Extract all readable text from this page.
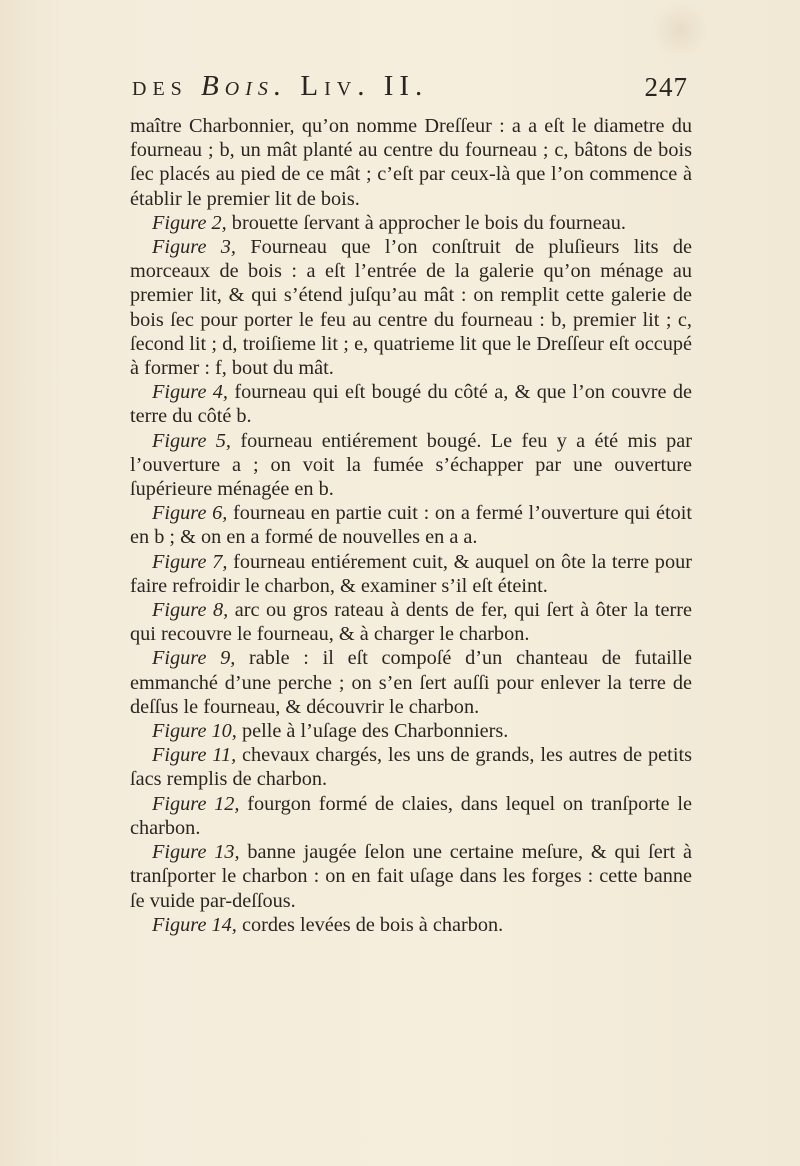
des Bois. Liv. II.	247

maître Charbonnier, qu’on nomme Dreſſeur : a a eſt le diametre du fourneau ; b, un mât planté au centre du fourneau ; c, bâtons de bois ſec placés au pied de ce mât ; c’eſt par ceux-là que l’on commence à établir le premier lit de bois.

Figure 2, brouette ſervant à approcher le bois du fourneau.

Figure 3, Fourneau que l’on conſtruit de pluſieurs lits de morceaux de bois : a eſt l’entrée de la galerie qu’on ménage au premier lit, & qui s’étend juſqu’au mât : on remplit cette galerie de bois ſec pour porter le feu au centre du fourneau : b, premier lit ; c, ſecond lit ; d, troiſieme lit ; e, quatrieme lit que le Dreſſeur eſt occupé à former : f, bout du mât.

Figure 4, fourneau qui eſt bougé du côté a, & que l’on couvre de terre du côté b.

Figure 5, fourneau entiérement bougé. Le feu y a été mis par l’ouverture a ; on voit la fumée s’échapper par une ouverture ſupérieure ménagée en b.

Figure 6, fourneau en partie cuit : on a fermé l’ouverture qui étoit en b ; & on en a formé de nouvelles en a a.

Figure 7, fourneau entiérement cuit, & auquel on ôte la terre pour faire refroidir le charbon, & examiner s’il eſt éteint.

Figure 8, arc ou gros rateau à dents de fer, qui ſert à ôter la terre qui recouvre le fourneau, & à charger le charbon.

Figure 9, rable : il eſt compoſé d’un chanteau de futaille emmanché d’une perche ; on s’en ſert auſſi pour enlever la terre de deſſus le fourneau, & découvrir le charbon.

Figure 10, pelle à l’uſage des Charbonniers.

Figure 11, chevaux chargés, les uns de grands, les autres de petits ſacs remplis de charbon.

Figure 12, fourgon formé de claies, dans lequel on tranſporte le charbon.

Figure 13, banne jaugée ſelon une certaine meſure, & qui ſert à tranſporter le charbon : on en fait uſage dans les forges : cette banne ſe vuide par-deſſous.

Figure 14, cordes levées de bois à charbon.
